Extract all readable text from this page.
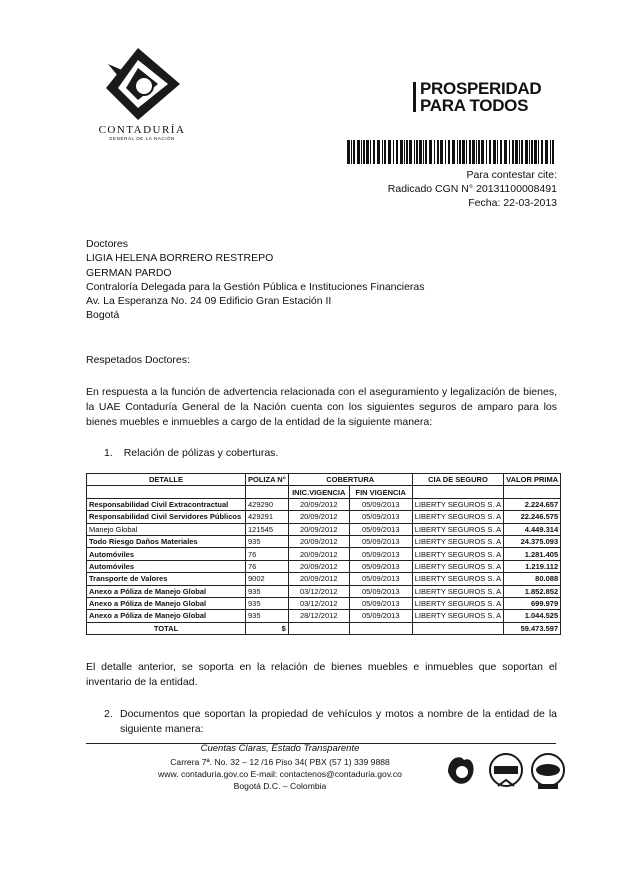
CONTADURÍA
GENERAL DE LA NACIÓN
PROSPERIDAD
PARA TODOS
Para contestar cite:
Radicado CGN N° 20131100008491
Fecha: 22-03-2013
Doctores
LIGIA HELENA BORRERO RESTREPO
GERMAN PARDO
Contraloría Delegada para la Gestión Pública e Instituciones Financieras
Av. La Esperanza No. 24 09 Edificio Gran Estación II
Bogotá
Respetados Doctores:
En respuesta a la función de advertencia relacionada con el aseguramiento y legalización de bienes, la UAE Contaduría General de la Nación cuenta con los siguientes seguros de amparo para los bienes muebles e inmuebles a cargo de la entidad de la siguiente manera:
1. Relación de pólizas y coberturas.
DETALLE	POLIZA N°	COBERTURA		CIA DE SEGURO	VALOR PRIMA
		INIC.VIGENCIA	FIN VIGENCIA		
Responsabilidad Civil Extracontractual	429290	20/09/2012	05/09/2013	LIBERTY SEGUROS S. A	2.224.657
Responsabilidad Civil Servidores Públicos	429291	20/09/2012	05/09/2013	LIBERTY SEGUROS S. A	22.246.575
Manejo Global	121545	20/09/2012	05/09/2013	LIBERTY SEGUROS S. A	4.449.314
Todo Riesgo Daños Materiales	935	20/09/2012	05/09/2013	LIBERTY SEGUROS S. A	24.375.093
Automóviles	76	20/09/2012	05/09/2013	LIBERTY SEGUROS S. A	1.281.405
Automóviles	76	20/09/2012	05/09/2013	LIBERTY SEGUROS S. A	1.219.112
Transporte de Valores	9002	20/09/2012	05/09/2013	LIBERTY SEGUROS S. A	80.088
Anexo a Póliza de Manejo Global	935	03/12/2012	05/09/2013	LIBERTY SEGUROS S. A	1.852.852
Anexo a Póliza de Manejo Global	935	03/12/2012	05/09/2013	LIBERTY SEGUROS S. A	699.979
Anexo a Póliza de Manejo Global	935	28/12/2012	05/09/2013	LIBERTY SEGUROS S. A	1.044.525
TOTAL	$				59.473.597
El detalle anterior, se soporta en la relación de bienes muebles e inmuebles que soportan el inventario de la entidad.
2. Documentos que soportan la propiedad de vehículos y motos a nombre de la entidad de la siguiente manera:
Cuentas Claras, Estado Transparente
Carrera 7ª. No. 32 – 12 /16 Piso 34( PBX (57 1) 339 9888
www. contaduria.gov.co E-mail: contactenos@contaduria.gov.co
Bogotá D.C. – Colombia
